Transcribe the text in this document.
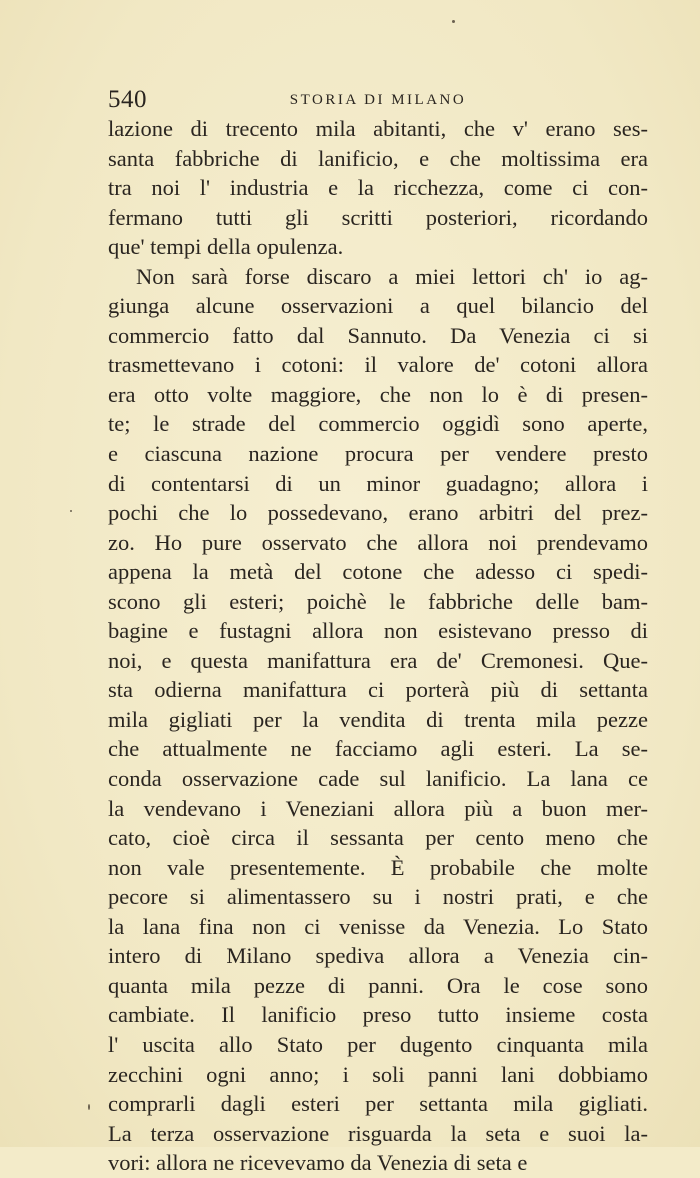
540	STORIA DI MILANO
lazione di trecento mila abitanti, che v' erano ses-
santa fabbriche di lanificio, e che moltissima era
tra noi l' industria e la ricchezza, come ci con-
fermano tutti gli scritti posteriori, ricordando
que' tempi della opulenza.
Non sarà forse discaro a miei lettori ch' io ag-
giunga alcune osservazioni a quel bilancio del
commercio fatto dal Sannuto. Da Venezia ci si
trasmettevano i cotoni: il valore de' cotoni allora
era otto volte maggiore, che non lo è di presen-
te; le strade del commercio oggidì sono aperte,
e ciascuna nazione procura per vendere presto
di contentarsi di un minor guadagno; allora i
pochi che lo possedevano, erano arbitri del prez-
zo. Ho pure osservato che allora noi prendevamo
appena la metà del cotone che adesso ci spedi-
scono gli esteri; poichè le fabbriche delle bam-
bagine e fustagni allora non esistevano presso di
noi, e questa manifattura era de' Cremonesi. Que-
sta odierna manifattura ci porterà più di settanta
mila gigliati per la vendita di trenta mila pezze
che attualmente ne facciamo agli esteri. La se-
conda osservazione cade sul lanificio. La lana ce
la vendevano i Veneziani allora più a buon mer-
cato, cioè circa il sessanta per cento meno che
non vale presentemente. È probabile che molte
pecore si alimentassero su i nostri prati, e che
la lana fina non ci venisse da Venezia. Lo Stato
intero di Milano spediva allora a Venezia cin-
quanta mila pezze di panni. Ora le cose sono
cambiate. Il lanificio preso tutto insieme costa
l' uscita allo Stato per dugento cinquanta mila
zecchini ogni anno; i soli panni lani dobbiamo
comprarli dagli esteri per settanta mila gigliati.
La terza osservazione risguarda la seta e suoi la-
vori: allora ne ricevevamo da Venezia di seta e
